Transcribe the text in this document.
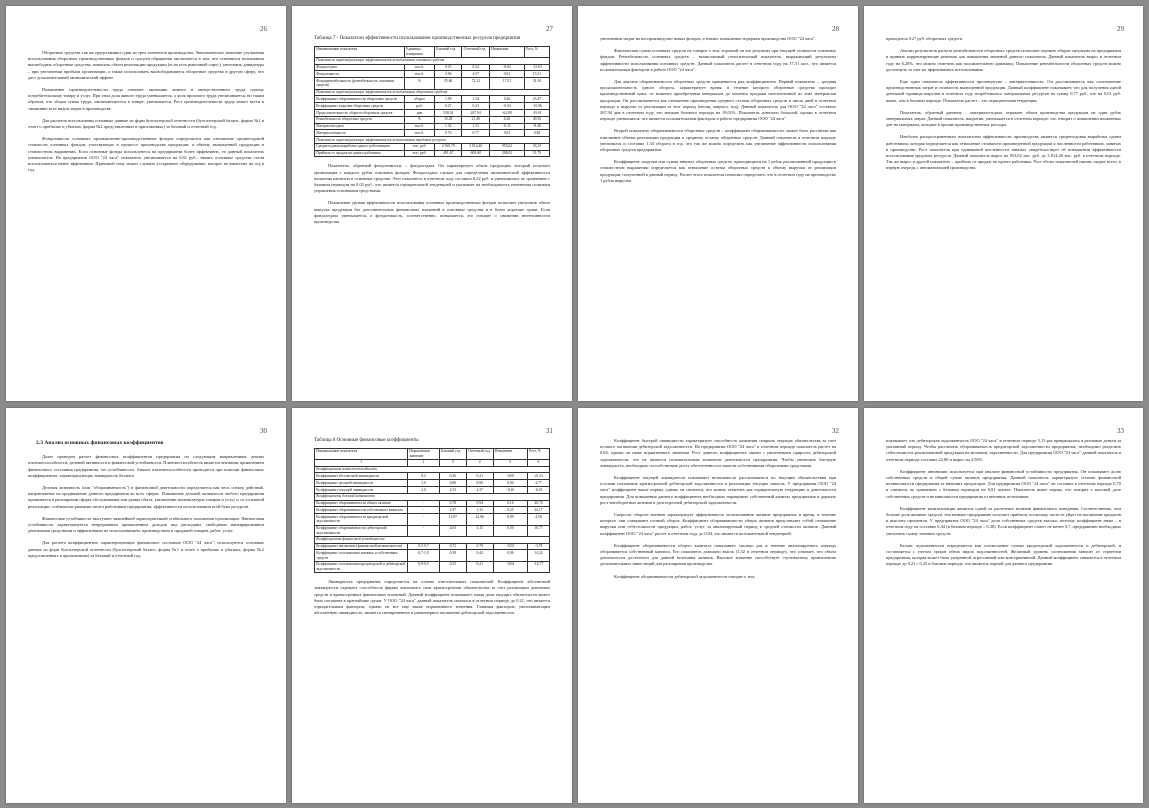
26

Оборотные средства так же представляют одни из трех элементов производства. Экономическое значение улучшения использования оборотных производственных фондов и средств обращения заключается в том, что становится возможным высвободить оборотные средства, повысить объем реализации продукции (если есть рыночный спрос), увеличить дивиденды – при увеличении прибыли организации, а также использовать высвободившиеся оборотные средства в другую сферу, что даст дополнительный экономический эффект.

Повышение производительности труда означает экономию живого и овеществленного труда одному потребительскому товару и услуг. При этом доля живого труда уменьшается, а доля прошлого труда увеличивается, но таким образом, что общая сумма труда, заключающегося в товаре, уменьшается. Рост производительности труда может вести к снижению всех видов затрат в производстве.

Для расчетов использованы основные данные из форм бухгалтерской отчетности (бухгалтерский баланс, форма №1 и отчет о прибылях и убытках, форма №2 представленных в приложениях) за базовый и отчетный год.

Фондоемкость основных промышленно-производственных фондов определяется как отношение среднегодовой стоимости основных фондов, участвующих в процессе производства продукции, к объему выпущенной продукции в стоимостном выражении. Если основные фонды используются на предприятии более эффективно, то данный показатель уменьшается. На предприятии ООО "24 часа" показатель увеличивается на 0,61 руб., значит, основные средства стали использоваться менее эффективно. Причиной тому может служить устаревшее оборудование, которое не вынесено на год в год.

27
Таблица 7 - Показатели эффективности использования производственных ресурсов предприятия
Наименование показателя	Единицы измерения	Базовый год	Отчетный год	Изменение	Рост, %
Показатели характеризующие эффективность использования основных средств					
Фондоотдача	тыс.б.	0.25	0.22	-0.02	-12.63
Фондоемкость	тыс.б.	3.96	4.57	0.61	15.51
Фондорентабельность (рентабельность основных средств)	%	55.60	72.12	17.51	31.50
Показатели характеризующие эффективность использования оборотных средств					
Коэффициент оборачиваемости оборотных средств	оборот	1.09	1.34	0.26	23.47
Коэффициент загрузки оборотных средств	руб.	0.27	0.23	-0.04	-15.96
Продолжительность оборота оборотных средств	дни	330.34	267.94	-62.89	-19.01
Рентабельность оборотных средств	%	15.28	21.48	6.20	40.56
Материалоотдача	тыс.б.	1.32	1.21	-0.11	-8.48
Материалоемкость	тыс.б.	0.76	0.77	0.01	0.48
Показатели характеризующие эффективность использования трудовых ресурсов					
Среднегодовая выработка одного работающего	тыс. руб.	2 560,79	3 814,40	953,62	33,33
Прибыль от продаж на одного работника	тыс. руб.	401,67	609,68	208,02	51,79

Показатель, обратный фондоемкости, – фондоотдача. Он характеризует объем продукции, который получает организация с каждого рубля основных фондов. Фондоотдача служит для определения экономической эффективности вложения капитала в основные средства. Этот показатель в отчетном году составил 0,22 руб. и уменьшилась по сравнению с базовым периодом на 0,03 руб., что является отрицательной тенденцией и указывает на необходимость изменения политики управления основными средствами.

Повышение уровня эффективности использования основных производственных фондов позволяет увеличить объем выпуска продукции без дополнительных финансовых вложений в основные средства и в более короткие сроки. Если фондоотдача уменьшается, а фондоемкость, соответственно, повышается, это говорит о снижении интенсивности производства.

28

увеличении затрат на воспроизводство новых фондов, а значит, повышение издержек производства ООО "24 часа".

Фактическая сумма основных средств не говорит о том, хороший ли это результат при текущей стоимости основных фондов. Рентабельность основных средств – вычисляемый относительный показатель, выражающий результаты эффективности использования основных средств. Данный показатель растет в отчетном году на 17,51 коп., что является положительным фактором в работе ООО "24 часа".

Для анализа оборачиваемости оборотных средств применяется ряд коэффициентов. Первый показатель – средняя продолжительность одного оборота, характеризует время, в течение которого оборотные средства проходят производственный цикл: от момента приобретения материалов до момента продажи изготовленной из этих материалов продукции. Он рассчитывается как отношение произведения среднего остатка оборотных средств и числа дней в отчетном периоде к выручке от реализации за этот период (месяц, квартал, год). Данный показатель для ООО "24 часа" составил 267,94 дня в отчетном году, что меньше базового периода на 19,01%. Показатель довольно большой, однако в отчетном периоде уменьшился, что является положительным фактором в работе предприятия ООО "24 часа".

Второй показатель оборачиваемости оборотных средств – коэффициент оборачиваемости, может быть рассчитан как отношение объема реализации продукции к среднему остатку оборотных средств. Данный показатель в отчетном периоде увеличился и составил 1,34 оборота в год, что так же можно определить как увеличение эффективности использования оборотных средств предприятия.

Коэффициент загрузки или сумма занятых оборотных средств, приходящихся на 1 рубль реализованной продукции в стоимостном выражении определяется как отношение остатка оборотных средств к объему выручки от реализации продукции, полученной в данный период. Расчет этого показателя позволил определить, что в отчетном году на производство 1 рубля выручки

29

приходится 0,27 руб. оборотных средств.

Анализ результатов расчета рентабельности оборотных средств позволяет оценить общую ситуацию на предприятии и принять корректирующие решения для повышения значений данного показателя. Данный показатель вырос в отчетном году на 6,20%, что можно отметить как положительную динамику. Повышение рентабельности оборотных средств можно достигнуть за счет их эффективного использования.

Еще один показатель эффективности производства – материалоемкость. Он рассчитывается как соотношение производственных затрат и стоимости выпущенной продукции. Данный коэффициент показывает, что для получения одной денежной единицы выручки в отчетном году потребовалось материальных ресурсов на сумму 0,77 руб., что на 0,01 руб. выше, чем в базовом периоде. Показатель растет – это отрицательная тенденция.

Показатель, обратный данному – материалоотдача, отражает объем производства продукции на один рубль материальных затрат. Данный показатель, напротив, уменьшается в отчетном периоде, что говорит о повышении вложенных ден на материалы, которые в прочие производственные расходы.

Наиболее распространенным показателем эффективности производства является среднегодовая выработка одним работником, которая определяется как отношение стоимости произведенной продукции к численности работников, занятых в производстве. Рост показателя при одинаковой численности занятых свидетельствует об повышении эффективности использования трудовых ресурсов. Данный показатель вырос на 953,62 тыс. руб. до 3 814,40 тыс. руб. в отчетном периоде. Так же вырос и другой показатель – прибыль от продаж на одного работника. Рост обоих показателей связан, скорее всего, в первую очередь с автоматизацией производства.

30
2.3 Анализ основных финансовых коэффициентов

Далее проведем расчет финансовых коэффициентов предприятия по следующим направлениям: анализ платежеспособности, деловой активности и финансовой устойчивости. Платежеспособность является внешним проявлением финансового состояния предприятия, его устойчивости. Анализ платежеспособности проводится при помощи финансовых коэффициентов, характеризующих ликвидность баланса.

Деловая активность (или "оборачиваемость") в финансовой деятельности определяется как весь спектр действий, направленных на продвижение данного предприятия во всех сферах. Повышение деловой активности любого предприятия проявляется в расширении сферы обслуживания или рынка сбыта, увеличении номенклатуры товаров и услуг и со успешной реализации, стабильном развитии штата работников предприятия, эффективности использования всей базы ресурсов.

Финансовая устойчивость выступает важнейшей характеристикой стабильного положения организации. Финансовая устойчивость характеризуется непрерывным превышением доходов над расходами, свободным маневрированием денежными средствами и эффективным их использованием, производством и продажей товаров, работ, услуг.

Для расчета коэффициентов, характеризующих финансовое состояние ООО "24 часа", используются основные данные из форм бухгалтерской отчетности (бухгалтерский баланс, форма №1 и отчет о прибылях и убытках, форма №2 представленных в приложениях) за базовый и отчетный год.

31
Таблица 8 Основные финансовые коэффициенты
Наименование показателя	Нормативное значение	Базовый год	Отчетный год	Изменение	Рост, %
1	2	3	4	5	6
Коэффициенты платежеспособности					
Коэффициент абсолютной ликвидности	0,2	0,26	0,21	-0,05	-21,31
Коэффициент срочной ликвидности	1,0	0,86	0,90	0,04	4,77
Коэффициент текущей ликвидности	2,0	2,53	2,37	-0,16	-6,33
Коэффициенты деловой активности					
Коэффициент оборачиваемости общих активов	-	0,78	0,94	0,16	20,74
Коэффициент оборачиваемости собственного капитала	-	1,07	1,32	0,25	24,17
Коэффициент оборачиваемости кредиторской задолженности	-	21,87	22,86	0,99	4,56
Коэффициент оборачиваемости дебиторской задолженности	-	4,65	5,15	0,50	10,77
Коэффициенты финансовой устойчивости					
Коэффициент автономии (финансовой независимости)	0,5-0,7	0,72	0,70	-0,02	-3,78
Коэффициент соотношения заемных и собственных средств	0,7-1,0	0,38	0,44	0,06	14,22
Коэффициент соотношения кредиторской и дебиторской задолженности	0,9-0,5	0,25	0,21	-0,04	-16,77

Ликвидность предприятия определяется на основе относительных показателей. Коэффициент абсолютной ликвидности отражает способность фирмы выполнить свои краткосрочные обязательства за счет реализации денежных средств и краткосрочных финансовых вложений. Данный коэффициент показывает, какая доля текущих обязательств может быть погашена в кратчайшие сроки. У ООО "24 часа" данный показатель снизился в отчетном периоде до 0,21, что является отрицательным фактором, однако он все еще выше нормативного значения. Главным фактором, увеличивающим абсолютную ликвидность, является своевременное и равномерное погашение дебиторской задолженности.

32

Коэффициент быстрой ликвидности характеризует способность компании покрыть текущие обязательства за счет полного погашения дебиторской задолженности. На предприятии ООО "24 часа" в отчетном периоде показатель растет на 0,04, однако он ниже нормативного значения. Рост данного коэффициента связан с увеличением прироста дебиторской задолженности, что не является положительным моментом деятельности предприятия. Чтобы увеличить быструю ликвидность, необходимо способствовать росту обеспеченности запасов собственными оборотными средствами.

Коэффициент текущей ликвидности показывает возможность рассчитываться по текущим обязательствам при условии погашения краткосрочной дебиторской задолженности и реализации текущих запасов. У предприятия ООО "24 часа" коэффициент выше нормы, однако он снизился, что можно отметить как отрицательную тенденцию в деятельности предприятия. Для повышения данного коэффициента необходимо наращивать собственный капитал предприятия и держать рост внеоборотных активов и долгосрочной дебиторской задолженности.

Скорость оборота активов характеризует эффективность использования активов предприятия и время, в течение которого они совершают полный оборот. Коэффициент оборачиваемости общих активов представляет собой отношение выручки или себестоимости продукции, работ, услуг за анализируемый период к средней стоимости активов. Данный коэффициент ООО "24 часа" растет в отчетном году до 0,94, что является положительной тенденцией.

Коэффициент оборачиваемости общего капитала показывает, сколько раз в течение анализируемого периода оборачивается собственный капитал. Его показатель довольно высок (1,32 в отчетном периоде), что означает, что объем деятельности достаточен для данной величины активов. Высокое значение способствует ступенчатому привлечению дополнительных инвестиций для расширения производства.

Коэффициент оборачиваемости дебиторской задолженности говорит о том,

33

показывает, что дебиторская задолженность ООО "24 часа" в отчетном периоде 5,15 раз превращалась в реальные деньги за указанный период. Чтобы рассчитать оборачиваемость кредиторской задолженности предприятия, необходимо разделить себестоимость реализованной продукции на величину задолженности. Для предприятия ООО "24 часа" данный показатель в отчетном периоде составил 22,86 и вырос на 4,56%.

Коэффициент автономии используется при анализе финансовой устойчивости предприятия. Он показывает долю собственных средств в общей сумме активов предприятия. Данный показатель характеризует степень финансовой независимости предприятия от внешних кредиторов. Для предприятия ООО "24 часа" он составил в отчетном периоде 0,70 и снизился по сравнению с базовым периодом на 0,02 пункта. Показатель выше нормы, что говорит о высокой доле собственных средств и независимости предприятия от внешних источников.

Коэффициент капитализации является одной из расчетных величин финансового поведения. Соответственно, чем больше доля заемных средств, тем меньше предприятие получает прибыли, поскольку часть ее уйдет на погашение кредитов и выплату процентов. У предприятия ООО "24 часа" доля собственных средств высока, поэтому коэффициент ниже – в отчетном году он составил 0,44 (в базовом периоде – 0,38). Если коэффициент станет не менее 0,7, предприятию необходимо увеличить сумму заемных средств.

Баланс задолженности определяется как соотношение суммы кредиторской задолженности и дебиторской, и составляется с учетом сроков обеих видов задолженностей. Желаемый уровень соотношения зависит от стратегии предприятия, которая может быть умеренной, агрессивной или консервативной. Данный коэффициент снижается в отчетном периоде до 0,21 с 0,25 в базовом периоде, что является нормой для данного предприятия.
